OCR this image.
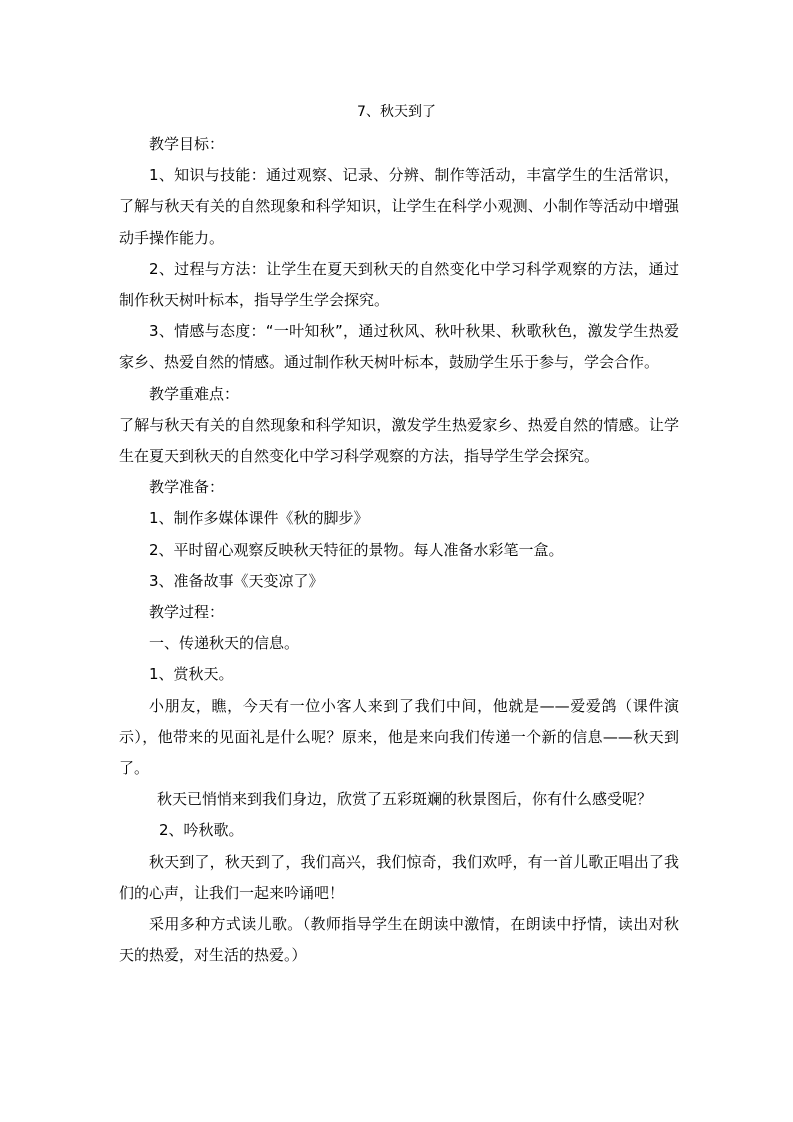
7、秋天到了

教学目标：

1、知识与技能：通过观察、记录、分辨、制作等活动，丰富学生的生活常识，了解与秋天有关的自然现象和科学知识，让学生在科学小观测、小制作等活动中增强动手操作能力。

2、过程与方法：让学生在夏天到秋天的自然变化中学习科学观察的方法，通过制作秋天树叶标本，指导学生学会探究。

3、情感与态度：“一叶知秋”，通过秋风、秋叶秋果、秋歌秋色，激发学生热爱家乡、热爱自然的情感。通过制作秋天树叶标本，鼓励学生乐于参与，学会合作。

教学重难点：

了解与秋天有关的自然现象和科学知识，激发学生热爱家乡、热爱自然的情感。让学生在夏天到秋天的自然变化中学习科学观察的方法，指导学生学会探究。

教学准备：

1、制作多媒体课件《秋的脚步》

2、平时留心观察反映秋天特征的景物。每人准备水彩笔一盒。

3、准备故事《天变凉了》

教学过程：

一、传递秋天的信息。

1、赏秋天。

小朋友，瞧，今天有一位小客人来到了我们中间，他就是——爱爱鸽（课件演示），他带来的见面礼是什么呢？原来，他是来向我们传递一个新的信息——秋天到了。

秋天已悄悄来到我们身边，欣赏了五彩斑斓的秋景图后，你有什么感受呢？

2、吟秋歌。

秋天到了，秋天到了，我们高兴，我们惊奇，我们欢呼，有一首儿歌正唱出了我们的心声，让我们一起来吟诵吧！

采用多种方式读儿歌。（教师指导学生在朗读中激情，在朗读中抒情，读出对秋天的热爱，对生活的热爱。）
